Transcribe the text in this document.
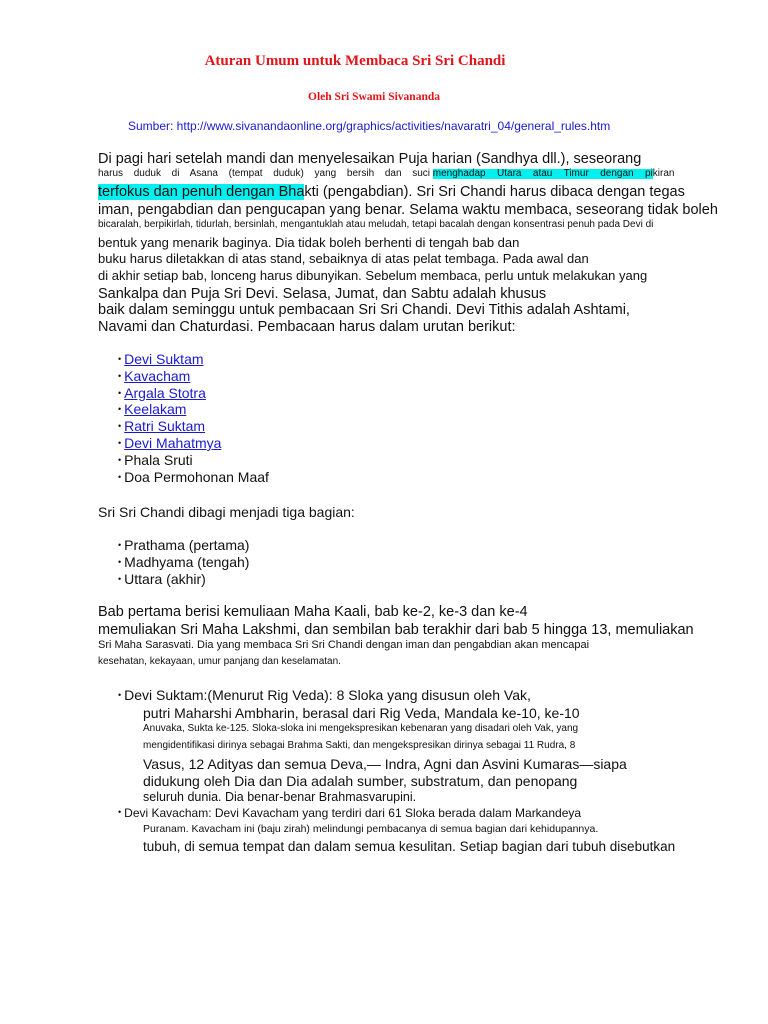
Aturan Umum untuk Membaca Sri Sri Chandi
Oleh Sri Swami Sivananda
Sumber: http://www.sivanandaonline.org/graphics/activities/navaratri_04/general_rules.htm
Di pagi hari setelah mandi dan menyelesaikan Puja harian (Sandhya dll.), seseorang
harus duduk di Asana (tempat duduk) yang bersih dan suci menghadap Utara atau Timur dengan pikiran
terfokus dan penuh dengan Bhakti (pengabdian). Sri Sri Chandi harus dibaca dengan tegas
iman, pengabdian dan pengucapan yang benar. Selama waktu membaca, seseorang tidak boleh
bicaralah, berpikirlah, tidurlah, bersinlah, mengantuklah atau meludah, tetapi bacalah dengan konsentrasi penuh pada Devi di
bentuk yang menarik baginya. Dia tidak boleh berhenti di tengah bab dan
buku harus diletakkan di atas stand, sebaiknya di atas pelat tembaga. Pada awal dan
di akhir setiap bab, lonceng harus dibunyikan. Sebelum membaca, perlu untuk melakukan yang
Sankalpa dan Puja Sri Devi. Selasa, Jumat, dan Sabtu adalah khusus
baik dalam seminggu untuk pembacaan Sri Sri Chandi. Devi Tithis adalah Ashtami,
Navami dan Chaturdasi. Pembacaan harus dalam urutan berikut:
• Devi Suktam
• Kavacham
• Argala Stotra
• Keelakam
• Ratri Suktam
• Devi Mahatmya
• Phala Sruti
• Doa Permohonan Maaf
Sri Sri Chandi dibagi menjadi tiga bagian:
• Prathama (pertama)
• Madhyama (tengah)
• Uttara (akhir)
Bab pertama berisi kemuliaan Maha Kaali, bab ke-2, ke-3 dan ke-4
memuliakan Sri Maha Lakshmi, dan sembilan bab terakhir dari bab 5 hingga 13, memuliakan
Sri Maha Sarasvati. Dia yang membaca Sri Sri Chandi dengan iman dan pengabdian akan mencapai
kesehatan, kekayaan, umur panjang dan keselamatan.
• Devi Suktam:(Menurut Rig Veda): 8 Sloka yang disusun oleh Vak,
putri Maharshi Ambharin, berasal dari Rig Veda, Mandala ke-10, ke-10
Anuvaka, Sukta ke-125. Sloka-sloka ini mengekspresikan kebenaran yang disadari oleh Vak, yang
mengidentifikasi dirinya sebagai Brahma Sakti, dan mengekspresikan dirinya sebagai 11 Rudra, 8
Vasus, 12 Adityas dan semua Deva,— Indra, Agni dan Asvini Kumaras—siapa
didukung oleh Dia dan Dia adalah sumber, substratum, dan penopang
seluruh dunia. Dia benar-benar Brahmasvarupini.
• Devi Kavacham: Devi Kavacham yang terdiri dari 61 Sloka berada dalam Markandeya
Puranam. Kavacham ini (baju zirah) melindungi pembacanya di semua bagian dari kehidupannya.
tubuh, di semua tempat dan dalam semua kesulitan. Setiap bagian dari tubuh disebutkan
